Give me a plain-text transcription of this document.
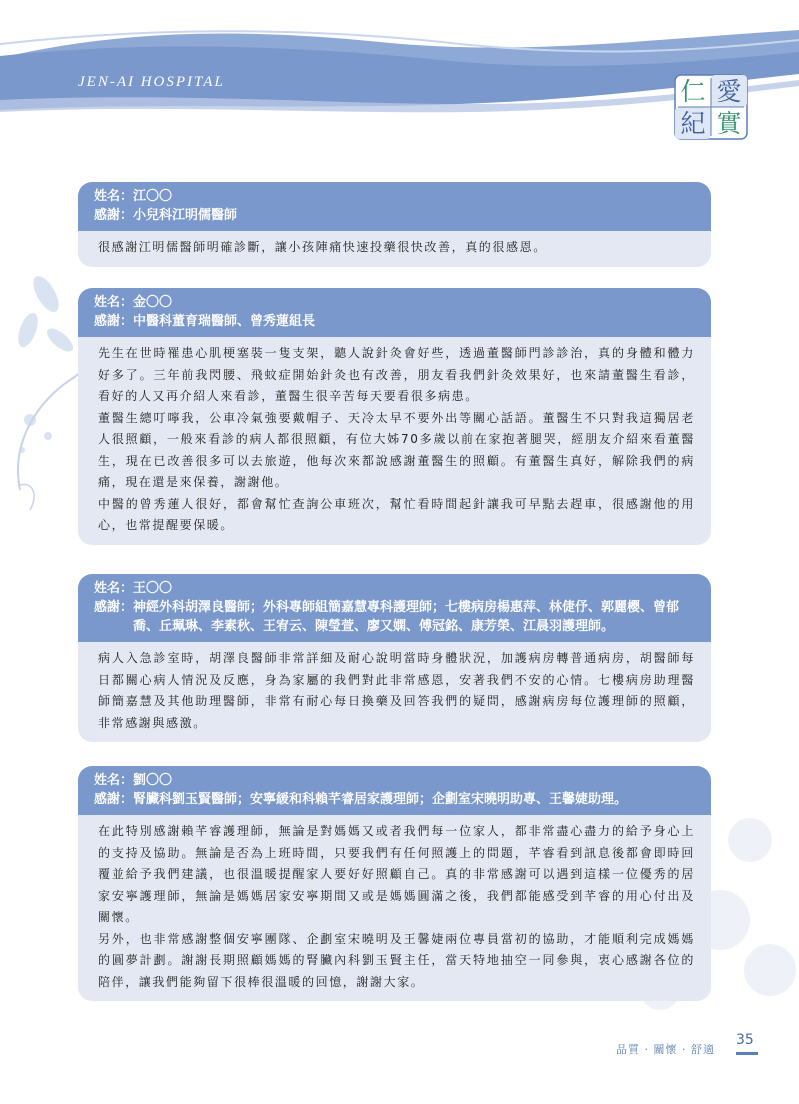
JEN-AI HOSPITAL	仁 愛
紀 實
姓名： 江〇〇
感謝： 小兒科江明儒醫師

很感謝江明儒醫師明確診斷，讓小孩陣痛快速投藥很快改善，真的很感恩。

姓名： 金〇〇
感謝： 中醫科董育瑞醫師、曾秀蓮組長

先生在世時罹患心肌梗塞裝一隻支架，聽人說針灸會好些，透過董醫師門診診治，真的身體和體力好多了。三年前我閃腰、飛蚊症開始針灸也有改善，朋友看我們針灸效果好，也來請董醫生看診，看好的人又再介紹人來看診，董醫生很辛苦每天要看很多病患。

董醫生總叮嚀我，公車冷氣強要戴帽子、天冷太早不要外出等關心話語。董醫生不只對我這獨居老人很照顧，一般來看診的病人都很照顧，有位大姊70多歲以前在家抱著腿哭，經朋友介紹來看董醫生，現在已改善很多可以去旅遊，他每次來都說感謝董醫生的照顧。有董醫生真好，解除我們的病痛，現在還是來保養，謝謝他。

中醫的曾秀蓮人很好，都會幫忙查詢公車班次，幫忙看時間起針讓我可早點去趕車，很感謝他的用心，也常提醒要保暖。

姓名： 王〇〇
感謝： 神經外科胡澤良醫師；外科專師組簡嘉慧專科護理師；七樓病房楊惠萍、林倢伃、郭麗櫻、曾郁喬、丘珮琳、李素秋、王宥云、陳瑩萱、廖又嫻、傅冠銘、康芳榮、江晨羽護理師。

病人入急診室時，胡澤良醫師非常詳細及耐心說明當時身體狀況，加護病房轉普通病房，胡醫師每日都關心病人情況及反應，身為家屬的我們對此非常感恩，安著我們不安的心情。七樓病房助理醫師簡嘉慧及其他助理醫師，非常有耐心每日換藥及回答我們的疑問，感謝病房每位護理師的照顧，非常感謝與感激。

姓名： 劉〇〇
感謝： 腎臟科劉玉賢醫師；安寧緩和科賴芊睿居家護理師；企劃室宋曉明助專、王馨婕助理。

在此特別感謝賴芊睿護理師，無論是對媽媽又或者我們每一位家人，都非常盡心盡力的給予身心上的支持及協助。無論是否為上班時間，只要我們有任何照護上的問題，芊睿看到訊息後都會即時回覆並給予我們建議，也很溫暖提醒家人要好好照顧自己。真的非常感謝可以遇到這樣一位優秀的居家安寧護理師，無論是媽媽居家安寧期間又或是媽媽圓滿之後，我們都能感受到芊睿的用心付出及關懷。

另外，也非常感謝整個安寧團隊、企劃室宋曉明及王馨婕兩位專員當初的協助，才能順利完成媽媽的圓夢計劃。謝謝長期照顧媽媽的腎臟內科劉玉賢主任，當天特地抽空一同參與，衷心感謝各位的陪伴，讓我們能夠留下很棒很溫暖的回憶，謝謝大家。

品質 · 關懷 · 舒適
35
